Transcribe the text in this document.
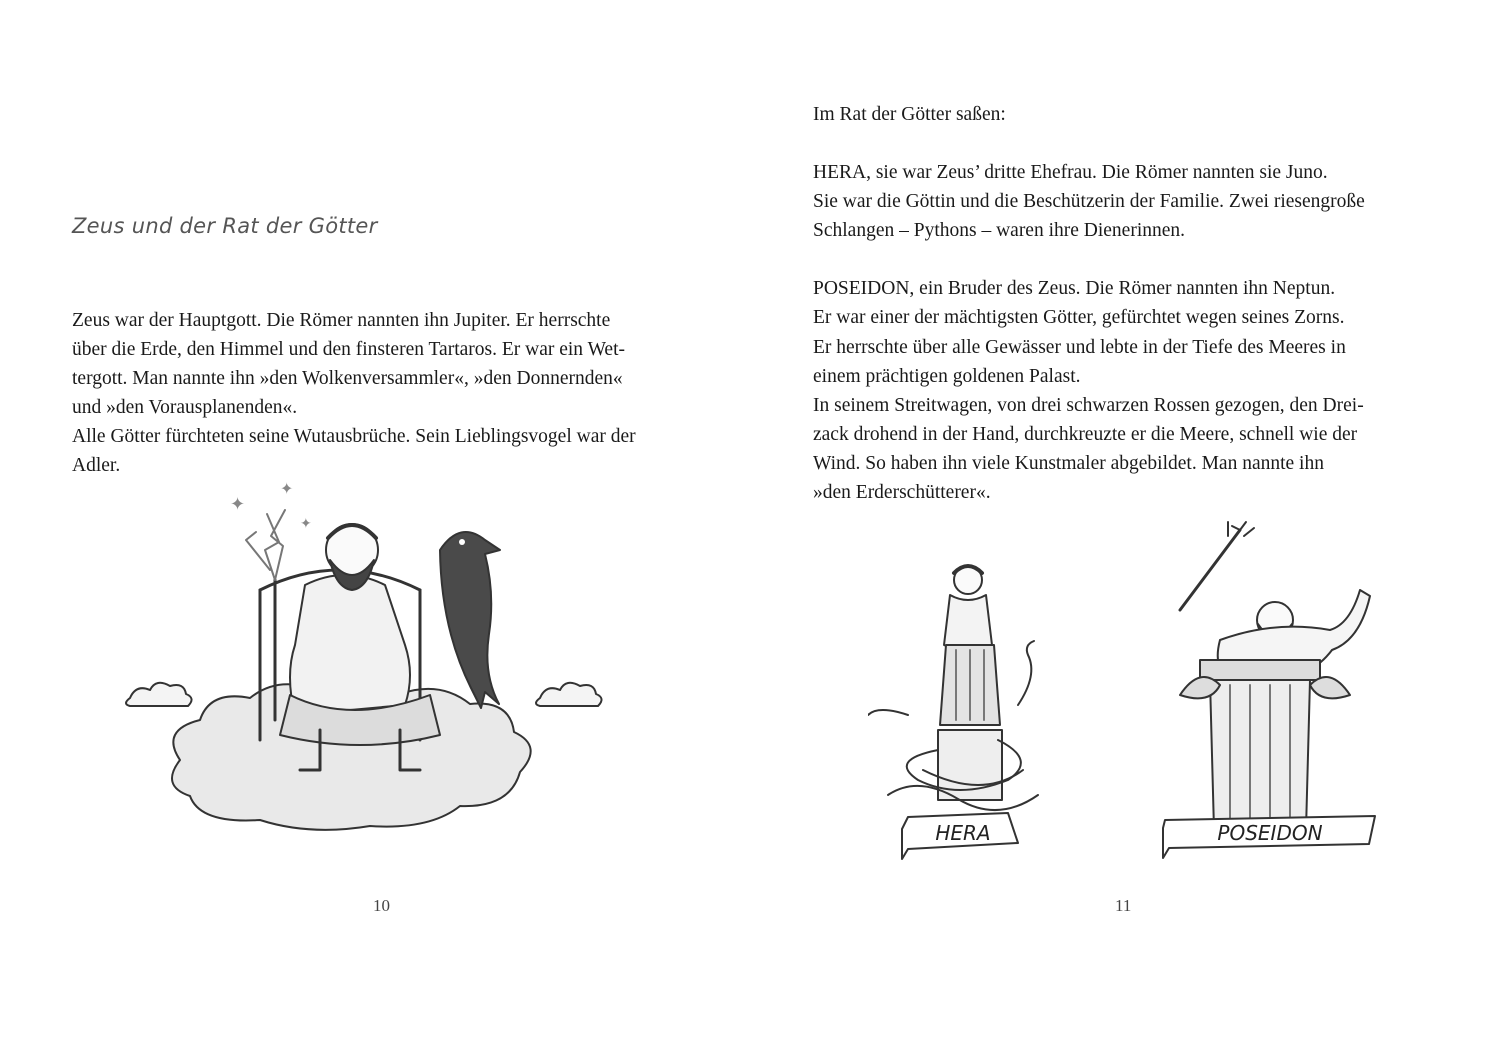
Zeus und der Rat der Götter
Zeus war der Hauptgott. Die Römer nannten ihn Jupiter. Er herrschte
über die Erde, den Himmel und den finsteren Tartaros. Er war ein Wet-
tergott. Man nannte ihn »den Wolkenversammler«, »den Donnernden«
und »den Vorausplanenden«.
Alle Götter fürchteten seine Wutausbrüche. Sein Lieblingsvogel war der
Adler.
✦
✦
✦
10
Im Rat der Götter saßen:
HERA, sie war Zeus’ dritte Ehefrau. Die Römer nannten sie Juno.
Sie war die Göttin und die Beschützerin der Familie. Zwei riesengroße
Schlangen – Pythons – waren ihre Dienerinnen.
POSEIDON, ein Bruder des Zeus. Die Römer nannten ihn Neptun.
Er war einer der mächtigsten Götter, gefürchtet wegen seines Zorns.
Er herrschte über alle Gewässer und lebte in der Tiefe des Meeres in
einem prächtigen goldenen Palast.
In seinem Streitwagen, von drei schwarzen Rossen gezogen, den Drei-
zack drohend in der Hand, durchkreuzte er die Meere, schnell wie der
Wind. So haben ihn viele Kunstmaler abgebildet. Man nannte ihn
»den Erderschütterer«.
HERA	POSEIDON
11
